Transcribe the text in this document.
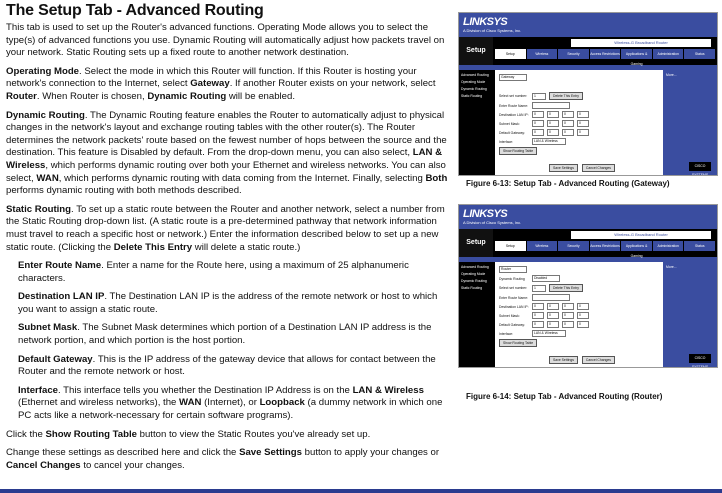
The Setup Tab - Advanced Routing

This tab is used to set up the Router's advanced functions. Operating Mode allows you to select the type(s) of advanced functions you use. Dynamic Routing will automatically adjust how packets travel on your network. Static Routing sets up a fixed route to another network destination.

Operating Mode. Select the mode in which this Router will function. If this Router is hosting your network's connection to the Internet, select Gateway. If another Router exists on your network, select Router. When Router is chosen, Dynamic Routing will be enabled.

Dynamic Routing. The Dynamic Routing feature enables the Router to automatically adjust to physical changes in the network's layout and exchange routing tables with the other router(s). The Router determines the network packets' route based on the fewest number of hops between the source and the destination. This feature is Disabled by default. From the drop-down menu, you can also select, LAN & Wireless, which performs dynamic routing over both your Ethernet and wireless networks. You can also select, WAN, which performs dynamic routing with data coming from the Internet. Finally, selecting Both performs dynamic routing with both methods described.

Static Routing. To set up a static route between the Router and another network, select a number from the Static Routing drop-down list. (A static route is a pre-determined pathway that network information must travel to reach a specific host or network.) Enter the information described below to set up a new static route. (Clicking the Delete This Entry will delete a static route.)

Enter Route Name. Enter a name for the Route here, using a maximum of 25 alphanumeric characters.

Destination LAN IP. The Destination LAN IP is the address of the remote network or host to which you want to assign a static route.

Subnet Mask. The Subnet Mask determines which portion of a Destination LAN IP address is the network portion, and which portion is the host portion.

Default Gateway. This is the IP address of the gateway device that allows for contact between the Router and the remote network or host.

Interface. This interface tells you whether the Destination IP Address is on the LAN & Wireless (Ethernet and wireless networks), the WAN (Internet), or Loopback (a dummy network in which one PC acts like a network-necessary for certain software programs).

Click the Show Routing Table button to view the Static Routes you've already set up.

Change these settings as described here and click the Save Settings button to apply your changes or Cancel Changes to cancel your changes.

LINKSYS
A Division of Cisco Systems, Inc.
Setup
Wireless-G Broadband Router
Setup	Wireless	Security	Access Restrictions	Applications & Gaming
Administration	Status
Advanced Routing
Operating Mode
Dynamic Routing
Static Routing
Gateway
Select set number:	1	Delete This Entry
Enter Route Name:
Destination LAN IP:	0	0	0	0
Subnet Mask:	0	0	0	0
Default Gateway:	0	0	0	0
Interface:	LAN & Wireless
Show Routing Table
More...
Save Settings	Cancel Changes	CISCO SYSTEMS
Figure 6-13: Setup Tab - Advanced Routing (Gateway)
LINKSYS
A Division of Cisco Systems, Inc.
Setup
Wireless-G Broadband Router
Setup	Wireless	Security	Access Restrictions	Applications & Gaming
Administration	Status
Advanced Routing
Operating Mode
Dynamic Routing
Static Routing
Router
Dynamic Routing	Disabled
Select set number:	1	Delete This Entry
Enter Route Name:
Destination LAN IP:	0	0	0	0
Subnet Mask:	0	0	0	0
Default Gateway:	0	0	0	0
Interface:	LAN & Wireless
Show Routing Table
More...
Save Settings	Cancel Changes	CISCO SYSTEMS
Figure 6-14: Setup Tab - Advanced Routing (Router)
